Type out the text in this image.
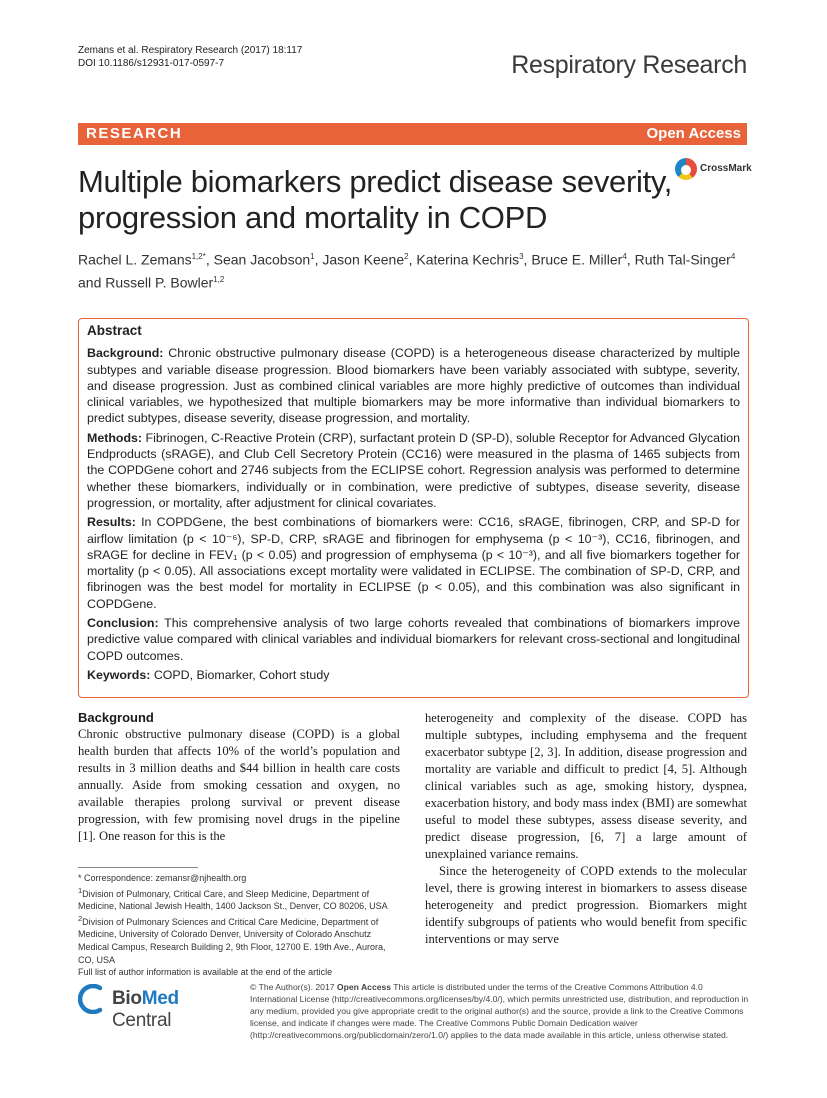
Zemans et al. Respiratory Research (2017) 18:117
DOI 10.1186/s12931-017-0597-7	Respiratory Research
RESEARCH	Open Access
Multiple biomarkers predict disease severity, progression and mortality in COPD
CrossMark
Rachel L. Zemans$^{1,2*}$, Sean Jacobson$^1$, Jason Keene$^2$, Katerina Kechris$^3$, Bruce E. Miller$^4$, Ruth Tal-Singer$^4$ and Russell P. Bowler$^{1,2}$
Abstract

Background: Chronic obstructive pulmonary disease (COPD) is a heterogeneous disease characterized by multiple subtypes and variable disease progression. Blood biomarkers have been variably associated with subtype, severity, and disease progression. Just as combined clinical variables are more highly predictive of outcomes than individual clinical variables, we hypothesized that multiple biomarkers may be more informative than individual biomarkers to predict subtypes, disease severity, disease progression, and mortality.

Methods: Fibrinogen, C-Reactive Protein (CRP), surfactant protein D (SP-D), soluble Receptor for Advanced Glycation Endproducts (sRAGE), and Club Cell Secretory Protein (CC16) were measured in the plasma of 1465 subjects from the COPDGene cohort and 2746 subjects from the ECLIPSE cohort. Regression analysis was performed to determine whether these biomarkers, individually or in combination, were predictive of subtypes, disease severity, disease progression, or mortality, after adjustment for clinical covariates.

Results: In COPDGene, the best combinations of biomarkers were: CC16, sRAGE, fibrinogen, CRP, and SP-D for airflow limitation (p < 10⁻⁶), SP-D, CRP, sRAGE and fibrinogen for emphysema (p < 10⁻³), CC16, fibrinogen, and sRAGE for decline in FEV₁ (p < 0.05) and progression of emphysema (p < 10⁻³), and all five biomarkers together for mortality (p < 0.05). All associations except mortality were validated in ECLIPSE. The combination of SP-D, CRP, and fibrinogen was the best model for mortality in ECLIPSE (p < 0.05), and this combination was also significant in COPDGene.

Conclusion: This comprehensive analysis of two large cohorts revealed that combinations of biomarkers improve predictive value compared with clinical variables and individual biomarkers for relevant cross-sectional and longitudinal COPD outcomes.

Keywords: COPD, Biomarker, Cohort study

Background

Chronic obstructive pulmonary disease (COPD) is a global health burden that affects 10% of the world’s population and results in 3 million deaths and $44 billion in health care costs annually. Aside from smoking cessation and oxygen, no available therapies prolong survival or prevent disease progression, with few promising novel drugs in the pipeline [1]. One reason for this is the

heterogeneity and complexity of the disease. COPD has multiple subtypes, including emphysema and the frequent exacerbator subtype [2, 3]. In addition, disease progression and mortality are variable and difficult to predict [4, 5]. Although clinical variables such as age, smoking history, dyspnea, exacerbation history, and body mass index (BMI) are somewhat useful to model these subtypes, assess disease severity, and predict disease progression, [6, 7] a large amount of unexplained variance remains.

Since the heterogeneity of COPD extends to the molecular level, there is growing interest in biomarkers to assess disease heterogeneity and predict progression. Biomarkers might identify subgroups of patients who would benefit from specific interventions or may serve

* Correspondence: zemansr@njhealth.org
$^1$Division of Pulmonary, Critical Care, and Sleep Medicine, Department of Medicine, National Jewish Health, 1400 Jackson St., Denver, CO 80206, USA
$^2$Division of Pulmonary Sciences and Critical Care Medicine, Department of Medicine, University of Colorado Denver, University of Colorado Anschutz Medical Campus, Research Building 2, 9th Floor, 12700 E. 19th Ave., Aurora, CO, USA
Full list of author information is available at the end of the article
BioMed Central
© The Author(s). 2017 Open Access This article is distributed under the terms of the Creative Commons Attribution 4.0 International License (http://creativecommons.org/licenses/by/4.0/), which permits unrestricted use, distribution, and reproduction in any medium, provided you give appropriate credit to the original author(s) and the source, provide a link to the Creative Commons license, and indicate if changes were made. The Creative Commons Public Domain Dedication waiver (http://creativecommons.org/publicdomain/zero/1.0/) applies to the data made available in this article, unless otherwise stated.
